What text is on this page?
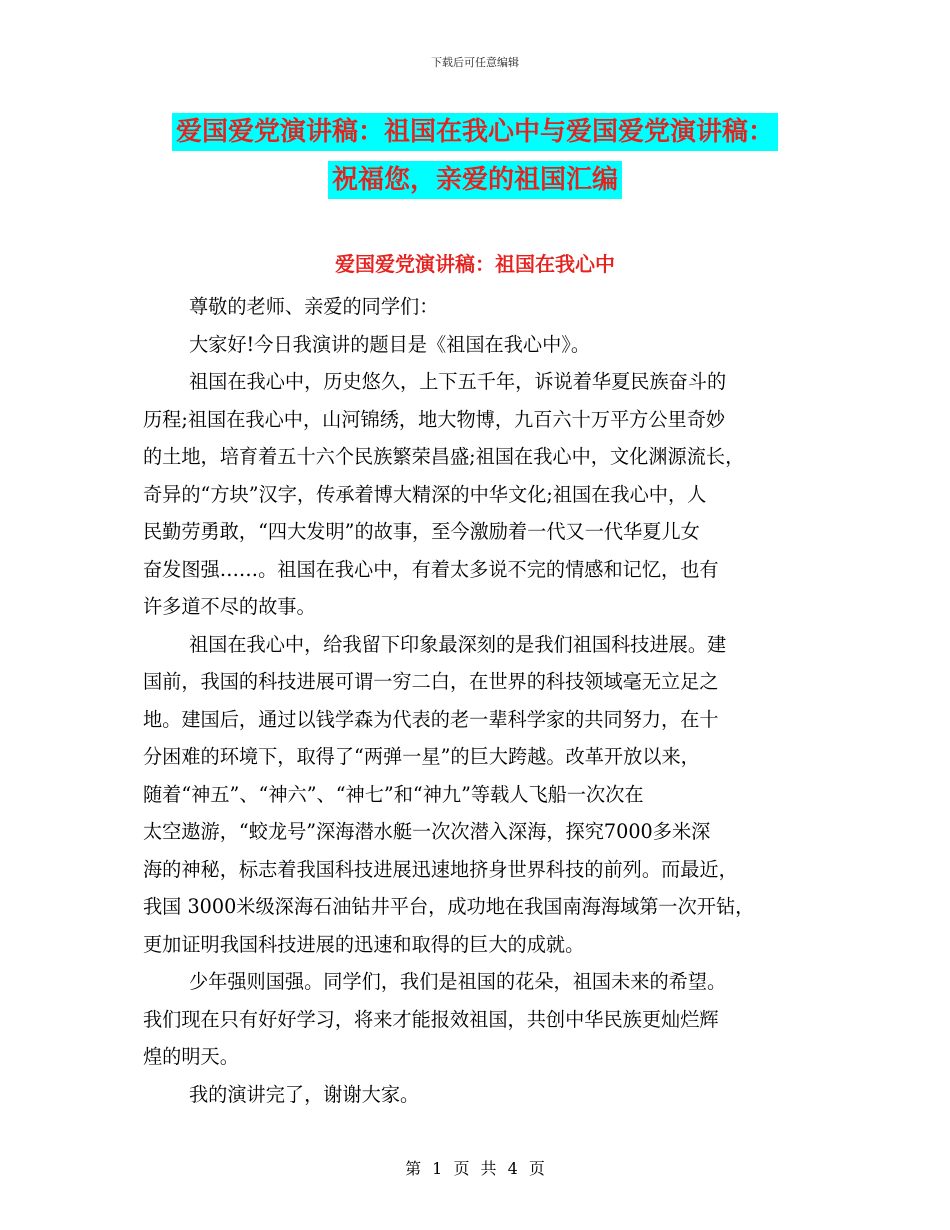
下载后可任意编辑
爱国爱党演讲稿：祖国在我心中与爱国爱党演讲稿：
祝福您，亲爱的祖国汇编
爱国爱党演讲稿：祖国在我心中
尊敬的老师、亲爱的同学们：
大家好!今日我演讲的题目是《祖国在我心中》。
祖国在我心中，历史悠久，上下五千年，诉说着华夏民族奋斗的
历程;祖国在我心中，山河锦绣，地大物博，九百六十万平方公里奇妙
的土地，培育着五十六个民族繁荣昌盛;祖国在我心中，文化渊源流长，
奇异的“方块”汉字，传承着博大精深的中华文化;祖国在我心中，人
民勤劳勇敢，“四大发明”的故事，至今激励着一代又一代华夏儿女
奋发图强……。祖国在我心中，有着太多说不完的情感和记忆，也有
许多道不尽的故事。
祖国在我心中，给我留下印象最深刻的是我们祖国科技进展。建
国前，我国的科技进展可谓一穷二白，在世界的科技领域毫无立足之
地。建国后，通过以钱学森为代表的老一辈科学家的共同努力，在十
分困难的环境下，取得了“两弹一星”的巨大跨越。改革开放以来，
随着“神五”、“神六”、“神七”和“神九”等载人飞船一次次在
太空遨游，“蛟龙号”深海潜水艇一次次潜入深海，探究7000多米深
海的神秘，标志着我国科技进展迅速地挤身世界科技的前列。而最近，
我国 3000米级深海石油钻井平台，成功地在我国南海海域第一次开钻，
更加证明我国科技进展的迅速和取得的巨大的成就。
少年强则国强。同学们，我们是祖国的花朵，祖国未来的希望。
我们现在只有好好学习，将来才能报效祖国，共创中华民族更灿烂辉
煌的明天。
我的演讲完了，谢谢大家。
第 1 页 共 4 页
